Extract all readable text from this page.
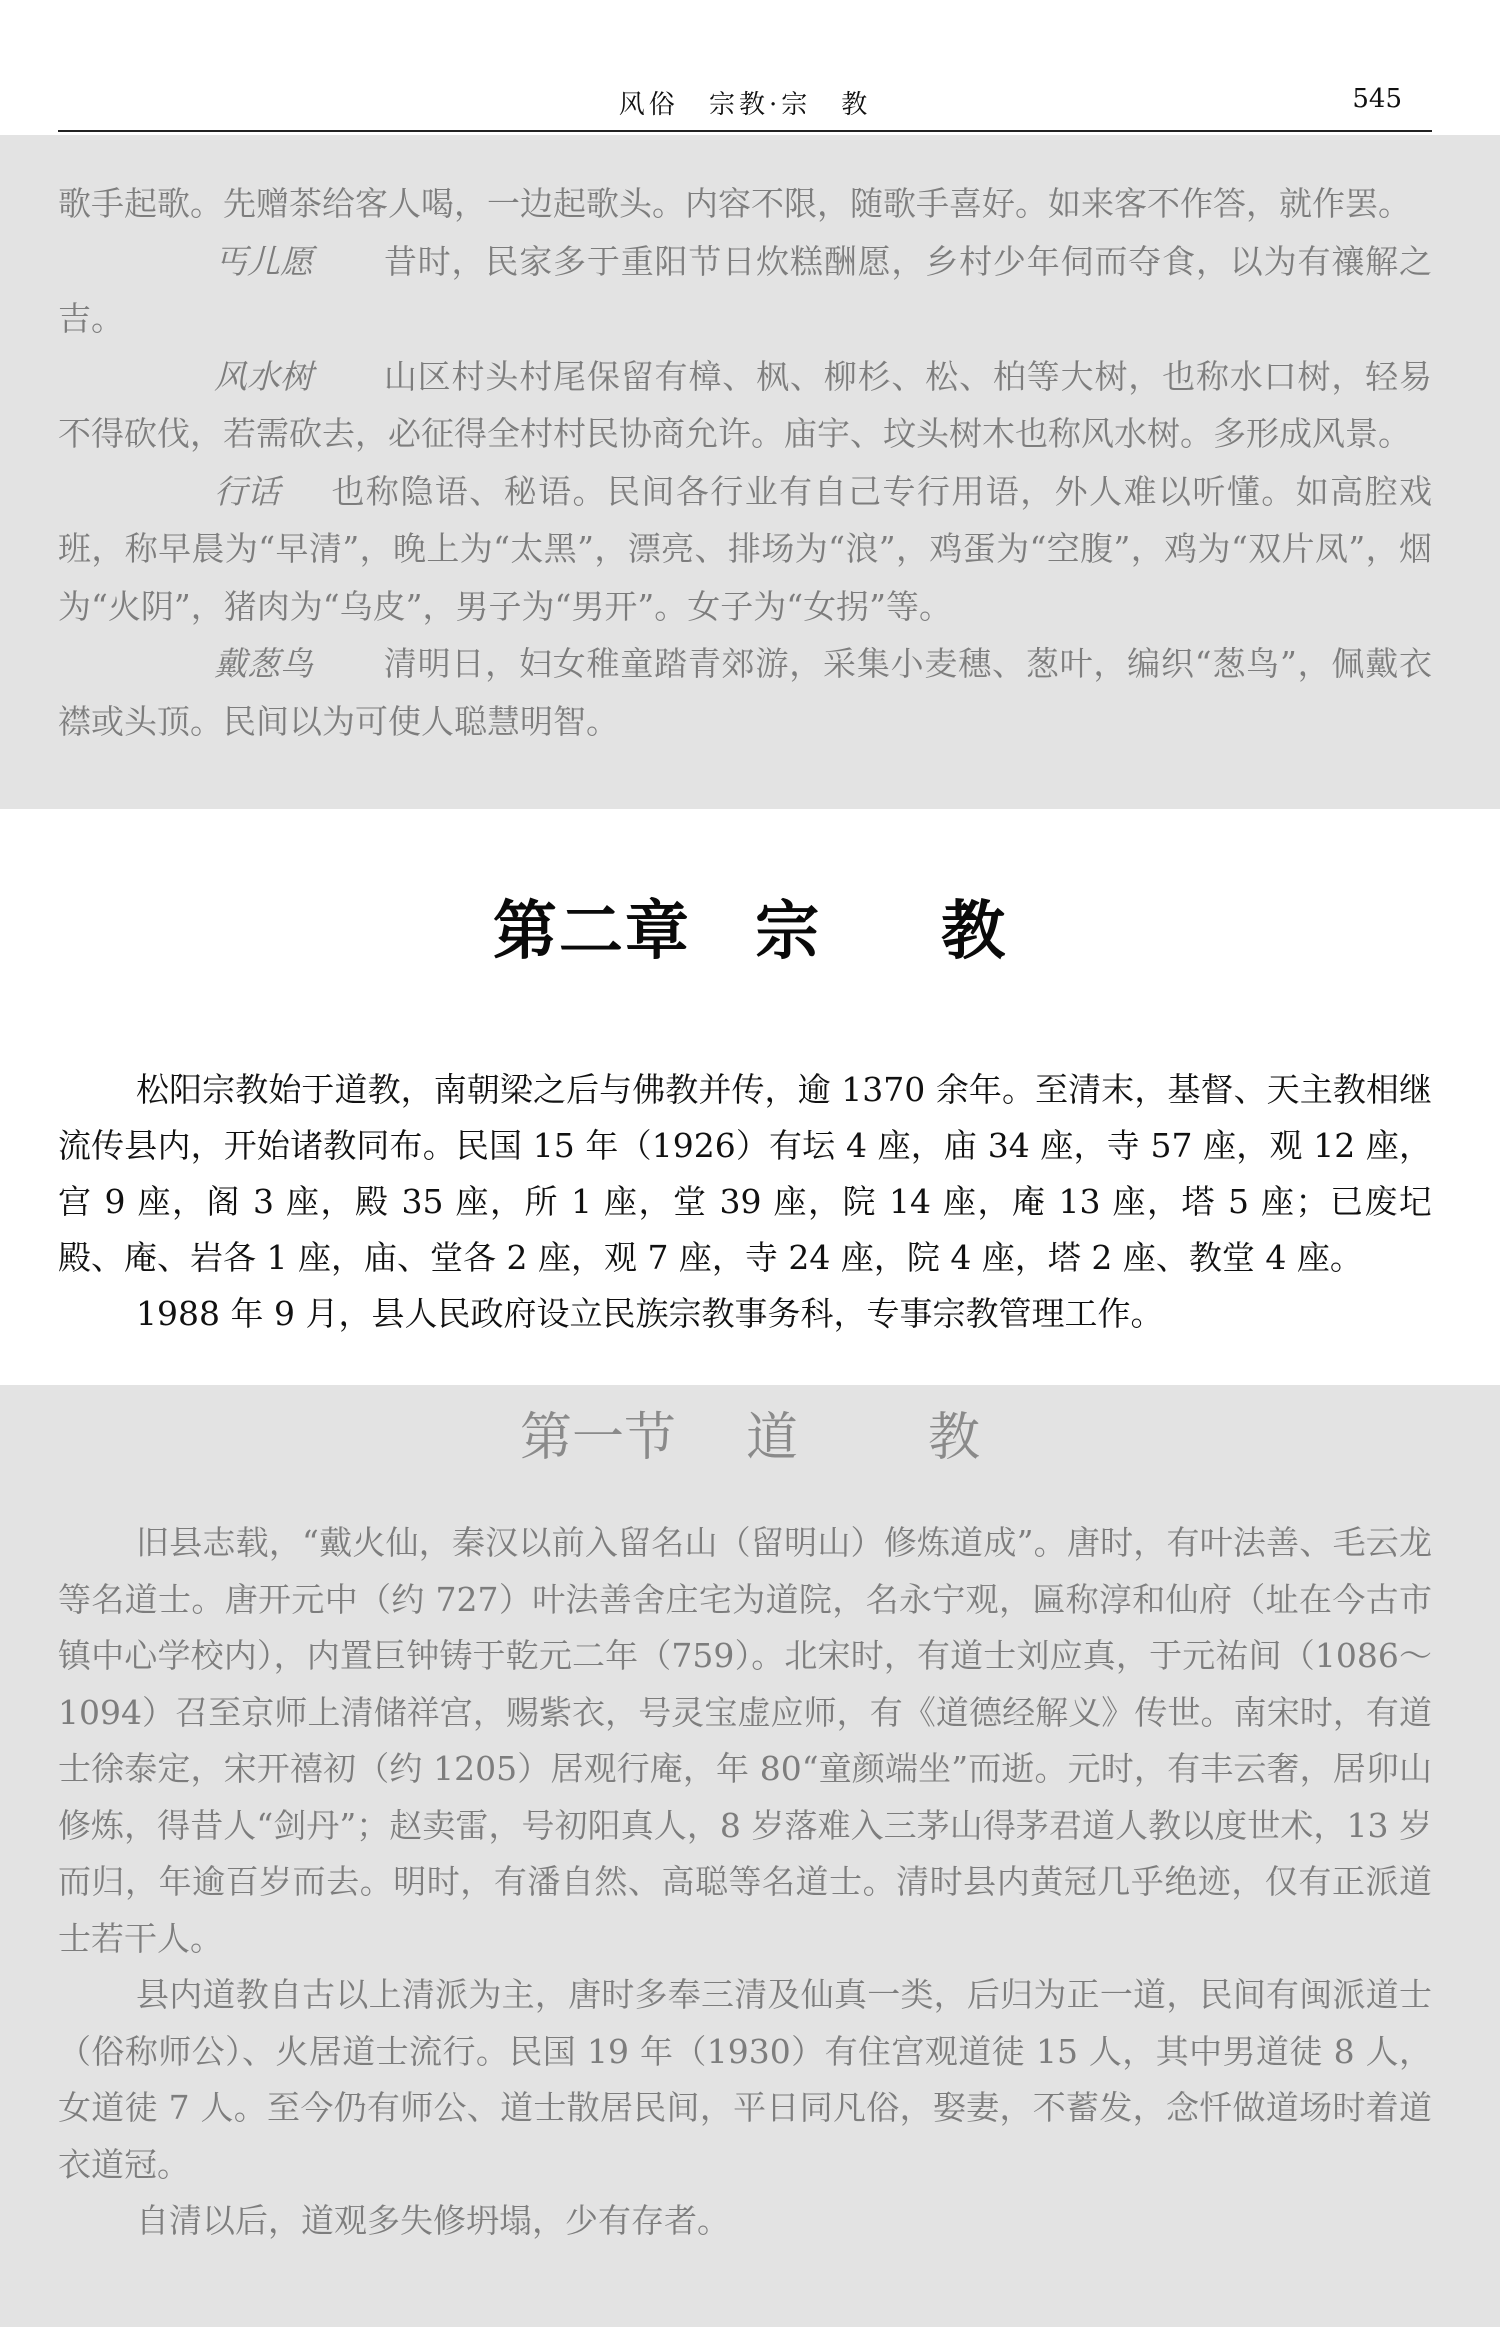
风俗 宗教·宗　教	545

歌手起歌。先赠茶给客人喝，一边起歌头。内容不限，随歌手喜好。如来客不作答，就作罢。

丐儿愿 昔时，民家多于重阳节日炊糕酬愿，乡村少年伺而夺食，以为有禳解之吉。

风水树 山区村头村尾保留有樟、枫、柳杉、松、柏等大树，也称水口树，轻易不得砍伐，若需砍去，必征得全村村民协商允许。庙宇、坟头树木也称风水树。多形成风景。

行话 也称隐语、秘语。民间各行业有自己专行用语，外人难以听懂。如高腔戏班，称早晨为“早清”，晚上为“太黑”，漂亮、排场为“浪”，鸡蛋为“空腹”，鸡为“双片凤”，烟为“火阴”，猪肉为“乌皮”，男子为“男开”。女子为“女拐”等。

戴葱鸟 清明日，妇女稚童踏青郊游，采集小麦穗、葱叶，编织“葱鸟”，佩戴衣襟或头顶。民间以为可使人聪慧明智。

第二章 宗 教

松阳宗教始于道教，南朝梁之后与佛教并传，逾 1370 余年。至清末，基督、天主教相继流传县内，开始诸教同布。民国 15 年（1926）有坛 4 座，庙 34 座，寺 57 座，观 12 座，宫 9 座，阁 3 座，殿 35 座，所 1 座，堂 39 座，院 14 座，庵 13 座，塔 5 座；已废圮殿、庵、岩各 1 座，庙、堂各 2 座，观 7 座，寺 24 座，院 4 座，塔 2 座、教堂 4 座。

1988 年 9 月，县人民政府设立民族宗教事务科，专事宗教管理工作。

旧县志载，“戴火仙，秦汉以前入留名山（留明山）修炼道成”。唐时，有叶法善、毛云龙等名道士。唐开元中（约 727）叶法善舍庄宅为道院，名永宁观，匾称淳和仙府（址在今古市镇中心学校内），内置巨钟铸于乾元二年（759）。北宋时，有道士刘应真，于元祐间（1086～1094）召至京师上清储祥宫，赐紫衣，号灵宝虚应师，有《道德经解义》传世。南宋时，有道士徐泰定，宋开禧初（约 1205）居观行庵，年 80“童颜端坐”而逝。元时，有丰云奢，居卯山修炼，得昔人“剑丹”；赵卖雷，号初阳真人，8 岁落难入三茅山得茅君道人教以度世术，13 岁而归，年逾百岁而去。明时，有潘自然、高聪等名道士。清时县内黄冠几乎绝迹，仅有正派道士若干人。

县内道教自古以上清派为主，唐时多奉三清及仙真一类，后归为正一道，民间有闽派道士（俗称师公）、火居道士流行。民国 19 年（1930）有住宫观道徒 15 人，其中男道徒 8 人，女道徒 7 人。至今仍有师公、道士散居民间，平日同凡俗，娶妻，不蓄发，念忏做道场时着道衣道冠。

自清以后，道观多失修坍塌，少有存者。

第一节 道	教
